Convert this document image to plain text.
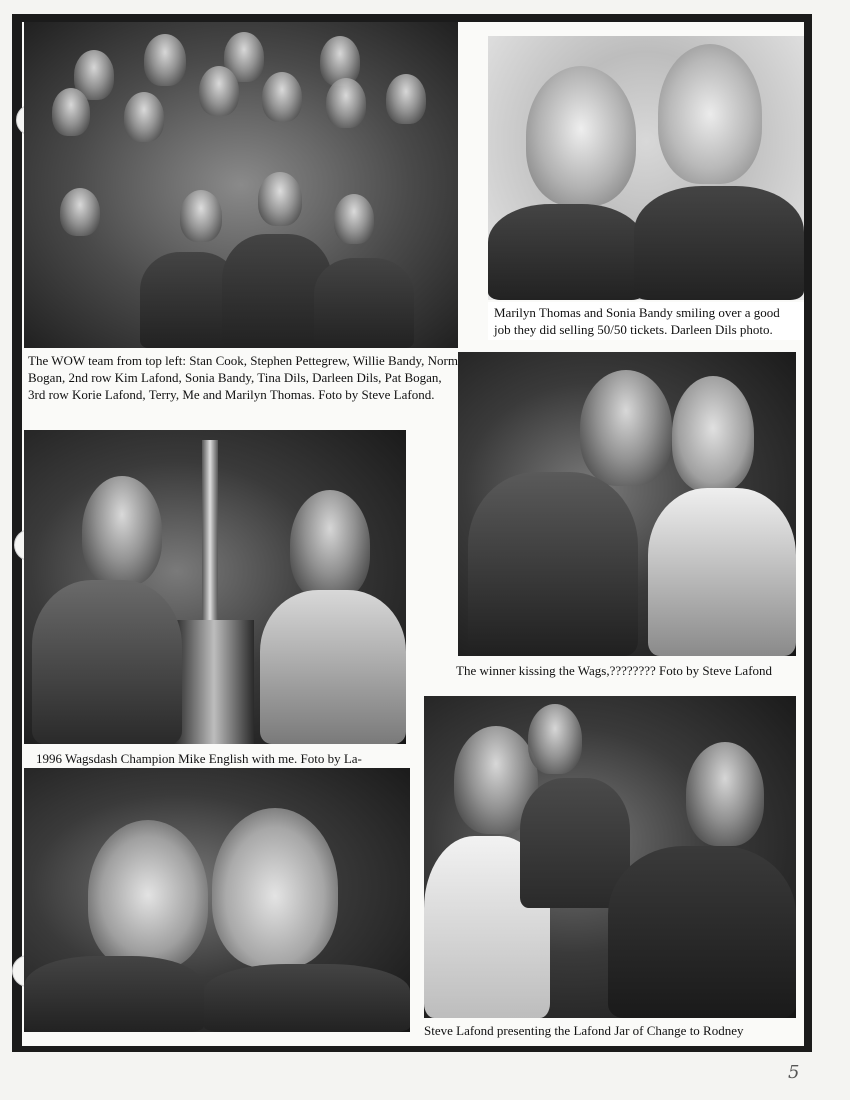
The WOW team from top left: Stan Cook, Stephen Pettegrew, Willie Bandy, Norm Bogan, 2nd row Kim Lafond, Sonia Bandy, Tina Dils, Darleen Dils, Pat Bogan, 3rd row Korie Lafond, Terry, Me and Marilyn Thomas. Foto by Steve Lafond.
Marilyn Thomas and Sonia Bandy smiling over a good job they did selling 50/50 tickets. Darleen Dils photo.
1996 Wagsdash Champion Mike English with me. Foto by La-
The winner kissing the Wags,???????? Foto by Steve Lafond
Steve Lafond presenting the Lafond Jar of Change to Rodney
5
